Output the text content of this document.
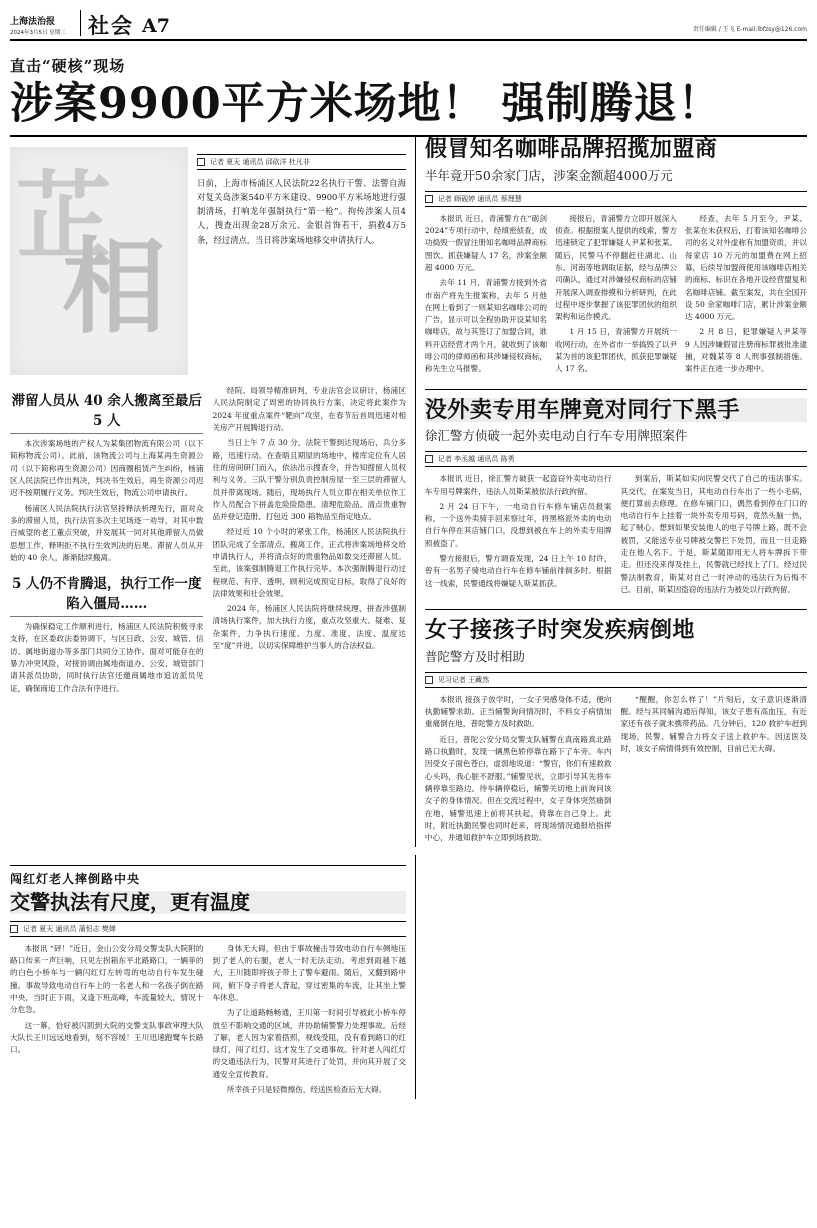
上海法治报
2024年3月5日 星期二	社会 A7	责任编辑 / 王飞 E-mail:lbfzsy@126.com
直击“硬核”现场
涉案9900平方米场地！ 强制腾退！
芷
相
记者 夏天 通讯员 邱砍洋 杜凡非
日前，上海市杨浦区人民法院22名执行干警、法警自海对复关岛涉案540平方米建设、9900平方米场地进行强制清场，打响龙年强制执行“第一枪”。拘传涉案人员4人，搜查出现金28万余元、金银首饰若干，捐救4万5条，经过清点，当日将涉案场地移交申请执行人。
滞留人员从 40 余人搬离至最后 5 人

本次涉案场地的产权人为某集团物流有限公司（以下简称物流公司）。此前，该物流公司与上海某再生资源公司（以下简称再生资源公司）因商圈租赁产生纠纷，杨浦区人民法院已作出判决，判决书生效后，再生资源公司迟迟不按期履行义务。判决生效后，物流公司申请执行。

杨浦区人民法院执行法官坚持释法析理先行，面对众多的滞留人员，执行法官多次主见场逐一劝导，对其中数百威望的老工董点突破，并发展其一同对其他滞留人员做思想工作，释明拒不执行生效判决的后果。滞留人员从开始的 40 余人，渐渐陆续搬离。

5 人仍不肯腾退，执行工作一度陷入僵局……

为确保稳定工作顺利进行，杨浦区人民法院积极寻求支持，在区委政法委协调下，与区日政、公安、城管、信访、属地街道办等多部门共同分工协作。面对可能存在的暴力冲突风险，对接协调由属地街道办、公安、城管部门请其派员协助，同时执行法官还邀商属地市追访派员见证，确保商追工作合法有序进行。

经院、局领导精准研判，专业法官会议研计，杨浦区人民法院制定了周密的协同执行方案，决定将此案作为 2024 年度重点案件“靶向”攻坚，在春节后首周迅速对相关房产开展腾退行动。

当日上午 7 点 30 分，法院干警到达现场后，兵分多路，迅速行动。在查晤且期屋的场地中，楼库定位有人居住的房间研门而入，依法出示搜查令，并告知搜留人员权利与义务。三队干警分别负责控制房屋一至三层的滞留人员并带离现场。随后，现场执行人员立即在相关单位作工作人员配合下拼盖危险险隐患、清理危险品、清点贵重物品并登记造册、打包近 300 箱物品至指定地点。

经过近 10 个小时的紧张工作，杨浦区人民法院执行团队完成了全部清点、搬离工作，正式将涉案场地移交给申请执行人，并将清点好的贵重物品如数交还滞留人员。至此，该案强制腾退工作执行完毕。本次强制腾退行动过程规范、有序、透明，顾利完成预定目标，取得了良好的法律效果和社会效果。

2024 年，杨浦区人民法院将继续统理、拼查涉强制清场执行案件，加大执行力度，重点攻坚重大、疑难、复杂案件，力争执行速度、力度、准度、法度、温度达至“度”并进，以切实保障维护当事人的合法权益。

假冒知名咖啡品牌招揽加盟商
半年竟开50余家门店，涉案金额超4000万元
记者 顾砚婷 通讯员 蔡理慧

本报讯 近日，青浦警方在“砺剑 2024”专项行动中，经缜密侦查，成功捣毁一假冒注册知名咖啡品牌商标图饮、抓获嫌疑人 17 名，涉案金额超 4000 万元。

去年 11 月，青浦警方接到外省市南产将先生报案称，去年 5 月他在网上看到了一则某知名咖啡公司的广告，显示可以全程协助开设某知名咖啡店，故与其签订了加盟合同，谁料开店经营才两个月，就收到了该咖啡公司的律师函和其涉嫌侵权商标，称先生立马报警。

接报后，青浦警方立即开展深入侦查。根据报案人提供的线索，警方迅速锁定了犯罪嫌疑人尹某和张某。随后，民警马不停翻赶往湖北、山东、河南等地调取证据，经与品牌公司确认，通过对涉嫌侵权商标的店铺开展深入调查排摸和分析研判，在此过程中逐步掌握了该犯罪团伙的组织架构和运作模式。

1 月 15 日，青浦警方开展统一收网行动，在外省市一举捣毁了以尹某为首的该犯罪团伙，抓获犯罪嫌疑人 17 名。

经查，去年 5 月至今，尹某、张某在未获权后，打着该知名咖啡公司的名义对外虚称有加盟资质，并以每家店 10 万元的加盟费在网上招募，后续导加盟商使用该咖啡店相关的商标、标识在各地开设经营盟复和名咖啡店铺。截至案发，共在全国开设 50 余家咖啡门店，累计涉案金额达 4000 万元。

2 月 8 日，犯罪嫌疑人尹某等 9 人因涉嫌假冒注册商标罪被批准逮捕，对魏某等 8 人刑事强制措施。案件正在进一步办理中。

没外卖专用车牌竟对同行下黑手
徐汇警方侦破一起外卖电动自行车专用牌照案件
记者 李丞越 通讯员 陈勇

本报讯 近日，徐汇警方破获一起盗窃外卖电动自行车专用号牌案件，违法人员斯某被依法行政拘留。

2 月 24 日下午，一电动自行车修车铺店员报案称，一个送外卖骑手回来察过年，将黑格派外卖的电动自行车停在其店铺门口，没想到被在车上的外卖专用牌照被盗了。

警方接报后，警方调查发现，24 日上午 10 时许，曾有一名男子骑电动自行车在修车铺前徘徊多时。根据这一线索，民警通线将嫌疑人斯某抓获。

到案后，斯某如实向民警交代了自己的违法事实。其交代，在案发当日，其电动自行车出了一些小毛病，便打算前去修理。在修车铺门口，偶然看到停在门口的电动自行车上挂着一块外卖专用号码，竟然头脑一热，起了贼心。想到如果安装他人的电子号牌上路，既不会被罚，又能送专业号牌被交警拦下处罚，而且一旦走路走在他人名下。于是，斯某随即用无人将车牌拆下带走。但还没来得及挂上，民警就已经找上了门。经过民警法制教育，斯某对自己一时冲动的违法行为后悔不已。目前，斯某因盗窃的违法行为被处以行政拘留。

女子接孩子时突发疾病倒地
普陀警方及时相助
见习记者 王藏然

本报讯 接孩子放学时，一女子突感身体不适，便向执勤辅警求助。正当辅警询问情况时，不料女子病情加重痛倒在地，普陀警方及时救助。

近日，普陀公安分局交警支队辅警在真南路真北路路口执勤时，发现一辆黑色轿停靠在路下了车旁。车内因受女子面色苍白，虚弱地说道：“警官，你们有速救救心头吗，我心脏不舒服。”辅警见状，立即引导其先将车辆停靠至路边。待车辆停稳后，辅警关切地上前询问该女子的身体情况。但在交流过程中，女子身体突然痛倒在地，辅警迅速上前将其扶起，倚靠在自己身上。此时，附近执勤民警也同时赶来，将现场情况通报给指挥中心，并通知救护车立即到场救助。

“醒醒，你怎么样了！”片刻后，女子意识逐渐清醒。经与其同辅沟通后得知，该女子患有高血压，有近家还有孩子就未携带药品。几分钟后，120 救护车赶到现场，民警、辅警合力将女子送上救护车。因送医及时，该女子病情得到有效控制，目前已无大碍。

闯红灯老人摔倒路中央
交警执法有尺度，更有温度
记者 夏天 通讯员 蒲恒志 樊婵

本报讯 “砰！”近日，金山公安分局交警支队大院附的路口传来一声巨响，只见左拐箱东平北路路口，一辆菲的的白色小桥车与一辆闪红灯左转弯的电动自行车发生碰撞。事故导致电动自行车上的一名老人和一名孩子倒在路中央，当时正下雨，又逢下班高峰，车流量较大，情况十分危急。

这一幕，恰好被闪罰到大院的交警支队事政审理大队大队长王川远远地看到，刻不容缓！王川迅速跑鹭车长路口。

身体无大碍，但由于事故撞击导致电动自行车侧地压到了老人的右腿，老人一时无法走动。考虑到雨越下越大，王川随即将孩子带上了警车避雨。随后，又翻到路中间，俯下身子将老人背起，穿过密集的车流，让其坐上警车休息。

为了让道路畅畅通，王川第一时间引导被此小桥车停放至不影响交通的区域，并协助辅警警力处理事故。后经了解，老人因为家着搭照，视线受阻，没有看到路口的红绿灯，闯了红灯。这才发生了交通事故。针对老人闯红灯的交通违法行为，民警对其进行了处罚，并向其开展了交通安全宣传教育。

所幸孩子只是轻微擦伤，经送医检查后无大碍。
